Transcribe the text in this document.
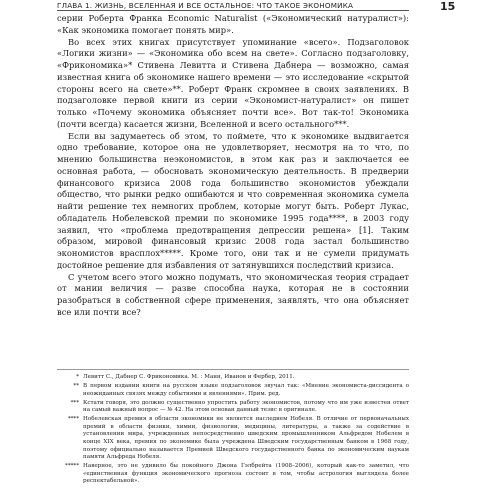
ГЛАВА 1. ЖИЗНЬ, ВСЕЛЕННАЯ И ВСЕ ОСТАЛЬНОЕ: ЧТО ТАКОЕ ЭКОНОМИКА	15

серии Роберта Франка Economic Naturalist («Экономический натуралист»): «Как экономика помогает понять мир».

Во всех этих книгах присутствует упоминание «всего». Подзаголовок «Логики жизни» — «Экономика обо всем на свете». Согласно подзаголовку, «Фрикономика»* Стивена Левитта и Стивена Дабнера — возможно, самая известная книга об экономике нашего времени — это исследование «скрытой стороны всего на свете»**. Роберт Франк скромнее в своих заявлениях. В подзаголовке первой книги из серии «Экономист-натуралист» он пишет только «Почему экономика объясняет почти все». Вот так-то! Экономика (почти всегда) касается жизни, Вселенной и всего остального***.

Если вы задумаетесь об этом, то поймете, что к экономике выдвигается одно требование, которое она не удовлетворяет, несмотря на то что, по мнению большинства неэкономистов, в этом как раз и заключается ее основная работа, — обосновать экономическую деятельность. В предверии финансового кризиса 2008 года большинство экономистов убеждали общество, что рынки редко ошибаются и что современная экономика сумела найти решение тех немногих проблем, которые могут быть. Роберт Лукас, обладатель Нобелевской премии по экономике 1995 года****, в 2003 году заявил, что «проблема предотвращения депрессии решена» [1]. Таким образом, мировой финансовый кризис 2008 года застал большинство экономистов врасплох*****. Кроме того, они так и не сумели придумать достойное решение для избавления от затянувшихся последствий кризиса.

С учетом всего этого можно подумать, что экономическая теория страдает от мании величия — разве способна наука, которая не в состоянии разобраться в собственной сфере применения, заявлять, что она объясняет все или почти все?

* Левитт С., Дабнер С. Фрикономика. М. : Манн, Иванов и Фербер, 2011.
** В первом издании книги на русском языке подзаголовок звучал так: «Мнение экономиста-диссидента о неожиданных связях между событиями и явлениями». Прим. ред.
*** Кстати говоря, это должно существенно упростить работу экономистов, потому что им уже известен ответ на самый важный вопрос — № 42. На этом основан данный тезис в оригинале.
**** Нобелевская премия в области экономики не является наследием Нобеля. В отличие от первоначальных премий в области физики, химии, физиологии, медицины, литературы, а также за содействие в установлении мира, учрежденных непосредственно шведским промышленником Альфредом Нобелем в конце XIX века, премия по экономике была учреждена Шведским государственным банком в 1968 году, поэтому официально называется Премией Шведского государственного банка по экономическим наукам памяти Альфреда Нобеля.
***** Наверное, это не удивило бы покойного Джона Гэлбрейта (1908–2006), который как-то заметил, что «единственная функция экономического прогноза состоит в том, чтобы астрология выглядела более респектабельной».
